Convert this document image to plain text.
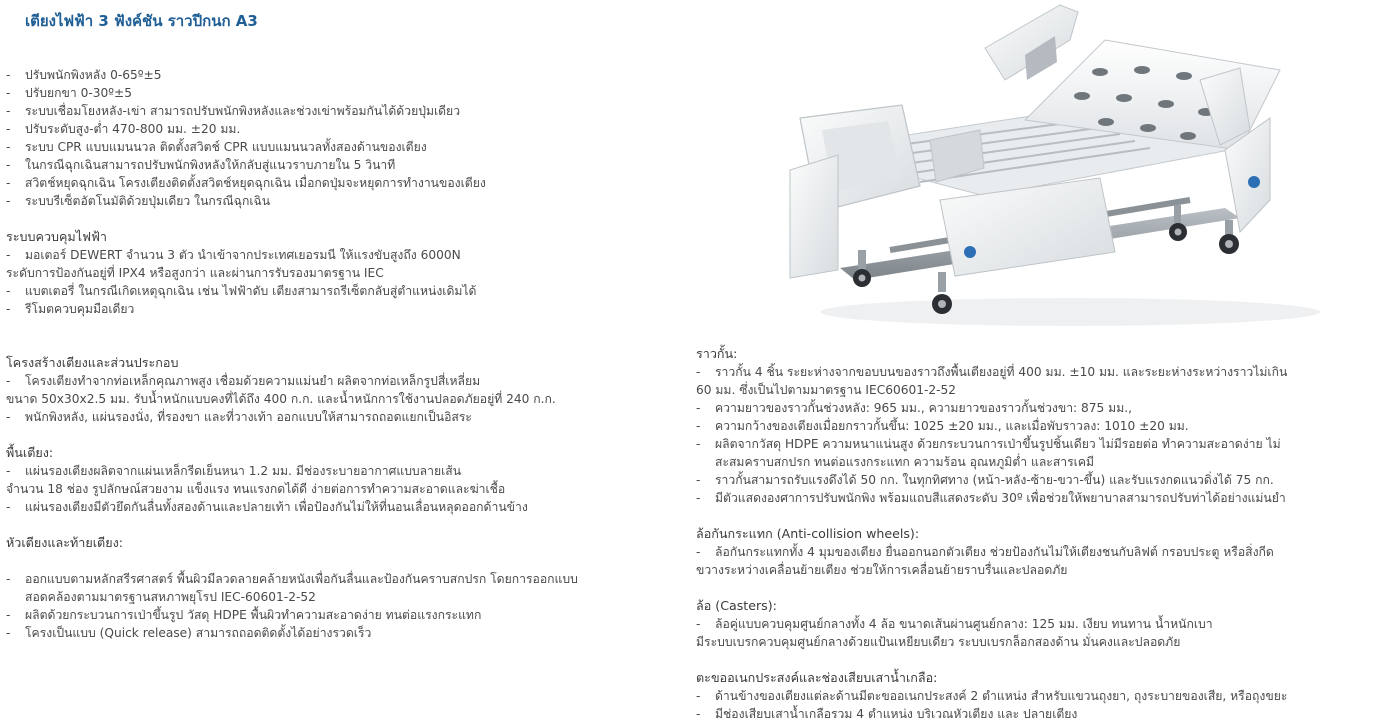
เตียงไฟฟ้า 3 ฟังค์ชัน ราวปีกนก A3
-	ปรับพนักพิงหลัง 0-65º±5
-	ปรับยกขา 0-30º±5
-	ระบบเชื่อมโยงหลัง-เข่า สามารถปรับพนักพิงหลังและช่วงเข่าพร้อมกันได้ด้วยปุ่มเดียว
-	ปรับระดับสูง-ต่ำ 470-800 มม. ±20 มม.
-	ระบบ CPR แบบแมนนวล ติดตั้งสวิตช์ CPR แบบแมนนวลทั้งสองด้านของเตียง
-	ในกรณีฉุกเฉินสามารถปรับพนักพิงหลังให้กลับสู่แนวราบภายใน 5 วินาที
-	สวิตช์หยุดฉุกเฉิน โครงเตียงติดตั้งสวิตช์หยุดฉุกเฉิน เมื่อกดปุ่มจะหยุดการทำงานของเตียง
-	ระบบรีเซ็ตอัตโนมัติด้วยปุ่มเดียว ในกรณีฉุกเฉิน
ระบบควบคุมไฟฟ้า
-	มอเตอร์ DEWERT จำนวน 3 ตัว นำเข้าจากประเทศเยอรมนี ให้แรงขับสูงถึง 6000N
ระดับการป้องกันอยู่ที่ IPX4 หรือสูงกว่า และผ่านการรับรองมาตรฐาน IEC
-	แบตเตอรี่ ในกรณีเกิดเหตุฉุกเฉิน เช่น ไฟฟ้าดับ เตียงสามารถรีเซ็ตกลับสู่ตำแหน่งเดิมได้
-	รีโมตควบคุมมือเดียว
โครงสร้างเตียงและส่วนประกอบ
-	โครงเตียงทำจากท่อเหล็กคุณภาพสูง เชื่อมด้วยความแม่นยำ ผลิตจากท่อเหล็กรูปสี่เหลี่ยม
ขนาด 50x30x2.5 มม. รับน้ำหนักแบบคงที่ได้ถึง 400 ก.ก. และน้ำหนักการใช้งานปลอดภัยอยู่ที่ 240 ก.ก.
-	พนักพิงหลัง, แผ่นรองนั่ง, ที่รองขา และที่วางเท้า ออกแบบให้สามารถถอดแยกเป็นอิสระ
พื้นเตียง:
-	แผ่นรองเตียงผลิตจากแผ่นเหล็กรีดเย็นหนา 1.2 มม. มีช่องระบายอากาศแบบลายเส้น
จำนวน 18 ช่อง รูปลักษณ์สวยงาม แข็งแรง ทนแรงกดได้ดี ง่ายต่อการทำความสะอาดและฆ่าเชื้อ
-	แผ่นรองเตียงมีตัวยึดกันลื่นทั้งสองด้านและปลายเท้า เพื่อป้องกันไม่ให้ที่นอนเลื่อนหลุดออกด้านข้าง
หัวเตียงและท้ายเตียง:
-	ออกแบบตามหลักสรีรศาสตร์ พื้นผิวมีลวดลายคล้ายหนังเพื่อกันลื่นและป้องกันคราบสกปรก โดยการออกแบบ
สอดคล้องตามมาตรฐานสหภาพยุโรป IEC-60601-2-52
-	ผลิตด้วยกระบวนการเป่าขึ้นรูป วัสดุ HDPE พื้นผิวทำความสะอาดง่าย ทนต่อแรงกระแทก
-	โครงเป็นแบบ (Quick release) สามารถถอดติดตั้งได้อย่างรวดเร็ว
ราวกั้น:
-	ราวกั้น 4 ชิ้น ระยะห่างจากขอบบนของราวถึงพื้นเตียงอยู่ที่ 400 มม. ±10 มม. และระยะห่างระหว่างราวไม่เกิน
60 มม. ซึ่งเป็นไปตามมาตรฐาน IEC60601-2-52
-	ความยาวของราวกั้นช่วงหลัง: 965 มม., ความยาวของราวกั้นช่วงขา: 875 มม.,
-	ความกว้างของเตียงเมื่อยกราวกั้นขึ้น: 1025 ±20 มม., และเมื่อพับราวลง: 1010 ±20 มม.
-	ผลิตจากวัสดุ HDPE ความหนาแน่นสูง ด้วยกระบวนการเป่าขึ้นรูปชิ้นเดียว ไม่มีรอยต่อ ทำความสะอาดง่าย ไม่
สะสมคราบสกปรก ทนต่อแรงกระแทก ความร้อน อุณหภูมิต่ำ และสารเคมี
-	ราวกั้นสามารถรับแรงดึงได้ 50 กก. ในทุกทิศทาง (หน้า-หลัง-ซ้าย-ขวา-ขึ้น) และรับแรงกดแนวดิ่งได้ 75 กก.
-	มีตัวแสดงองศาการปรับพนักพิง พร้อมแถบสีแสดงระดับ 30º เพื่อช่วยให้พยาบาลสามารถปรับท่าได้อย่างแม่นยำ
ล้อกันกระแทก (Anti-collision wheels):
-	ล้อกันกระแทกทั้ง 4 มุมของเตียง ยื่นออกนอกตัวเตียง ช่วยป้องกันไม่ให้เตียงชนกับลิฟต์ กรอบประตู หรือสิ่งกีด
ขวางระหว่างเคลื่อนย้ายเตียง ช่วยให้การเคลื่อนย้ายราบรื่นและปลอดภัย
ล้อ (Casters):
-	ล้อคู่แบบควบคุมศูนย์กลางทั้ง 4 ล้อ ขนาดเส้นผ่านศูนย์กลาง: 125 มม. เงียบ ทนทาน น้ำหนักเบา
มีระบบเบรกควบคุมศูนย์กลางด้วยแป้นเหยียบเดียว ระบบเบรกล็อกสองด้าน มั่นคงและปลอดภัย
ตะขออเนกประสงค์และช่องเสียบเสาน้ำเกลือ:
-	ด้านข้างของเตียงแต่ละด้านมีตะขออเนกประสงค์ 2 ตำแหน่ง สำหรับแขวนถุงยา, ถุงระบายของเสีย, หรือถุงขยะ
-	มีช่องเสียบเสาน้ำเกลือรวม 4 ตำแหน่ง บริเวณหัวเตียง และ ปลายเตียง
